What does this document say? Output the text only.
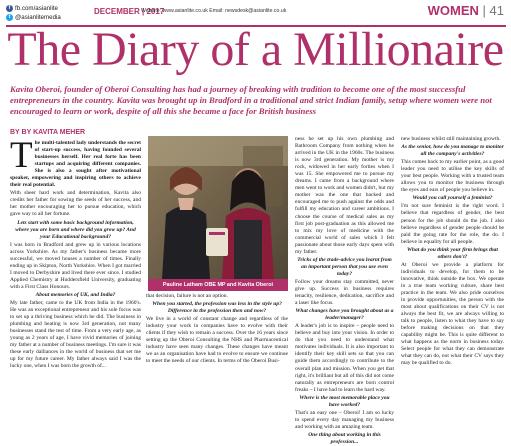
f fb.com/asianlite
t @asianlitemedia
DECEMBER | 2017
Website: www.asianlite.co.uk Email: newsdesk@asianlite.co.uk	WOMEN | 41
The Diary of a Millionaire
Kavita Oberoi, founder of Oberoi Consulting has had a journey of breaking with tradition to become one of the most successful entrepreneurs in the country. Kavita was brought up in Bradford in a traditional and strict Indian family, setup where women were not encouraged to learn or work, despite of all this she became a face for British business
BY BY KAVITA MEHER
T he multi-talented lady understands the secret of start-up success, having founded several businesses herself. Her real forte has been startups and acquiring different companies. She is also a sought after motivational speaker, empowering and inspiring others to achieve their real potential.

With sheer hard work and determination, Kavita also credits her father for sowing the seeds of her success, and her mother encouraging her to pursue education, which gave way to all her fortune.

Lets start with some basic background information, where you are born and where did you grow up? And your Educational background?

I was born in Bradford and grew up in various locations across Yorkshire. As my father's business became more successful, we moved houses a number of times. Finally ending up in Skipton, North Yorkshire. When I got married I moved to Derbyshire and lived there ever since. I studied Applied Chemistry at Huddersfield University, graduating with a First Class Honours.

About memories of UK, and India?

My late father, came to the UK from India in the 1960's. He was an exceptional entrepreneur and his sole focus was to set up a thriving business which he did. The business in plumbing and heating is now 3rd generation, not many businesses stand the test of time. From a very early age, as young as 2 years of age, I have vivid memories of joining my father at a number of business meetings. I'm sure it was these early dalliances in the world of business that set me up for my future career. My father always said I was the lucky one, when I was born the growth of...

Pauline Latham OBE MP and Kavita Oberoi

that decision, failure is not an option.

When you started, the profession was less in the style up? Difference in the profession then and now?

We live in a world of constant change and regardless of the industry your work in companies have to evolve with their clients if they wish to remain a success. Over the 16 years since setting up the Oberoi Consulting the NHS and Pharmaceutical industry have seen many changes. These changes have meant we as an organisation have had to evolve to ensure we continue to meet the needs of our clients. In terms of the Oberoi Busi-

ness he set up his own plumbing and Bathroom Company from nothing when he arrived in the UK in the 1960s. The business is now 3rd generation. My mother is my rock, widowed in her early forties when I was 15. She empowered me to pursue my dreams. I came from a background where men went to work and women didn't, but my mother was the one that backed and encouraged me to push against the odds and fulfill my education and career ambitions. I choose the course of medical sales as my first job post-graduation as this allowed me to mix my love of medicine with the commercial world of sales which I felt passionate about those early days spent with my father.

Tricks of the trade-advice you learnt from an important person that you use even today?

Follow your dreams stay committed, never give up. Success in business requires tenacity, resilience, dedication, sacrifice and a laser like focus.

What changes have you brought about as a leader/manager?

A leader's job is to inspire – people need to believe and buy into your vision. In order to do that you need to understand what motivates individuals. It is also important to identify their key skill sets so that you can guide them accordingly to contribute to the overall plan and mission. When you get that right, it's brilliant but all of this did not come naturally as entrepreneurs are born control freaks – I have had to learn the hard way.

Where is the most memorable place you have worked?

That's an easy one – Oberoi! I am so lucky to spend every day managing my business and working with an amazing team.

One thing about working in this profession...

new business whilst still maintaining growth.

As the senior, how do you manage to monitor all the company's activities?

This comes back to my earlier point, as a good leader you need to utilise the key skills of your best people. Working with a trusted team allows you to monitor the business through the eyes and ears of people you believe in.

Would you call yourself a feminist?

I'm not sure feminist is the right word. I believe that regardless of gender, the best person for the job should do the job. I also believe regardless of gender people should be paid the going rate for the role, the do. I believe in equality for all people.

What do you think your firm brings that others don't?

At Oberoi we provide a platform for individuals to develop, for them to be innovative, think outside the box. We operate in a true team working culture, share best practice in the team. We also pride ourselves in provide opportunities, the person with the most about qualifications on their CV is not always the best fit, we are always willing to talk to people, listen to what they have to say before making decisions on that they capability might be. This is quite different to what happens as the norm in business today. Select people for what they can demonstrate what they can do, not what their CV says they may be qualified to do.
